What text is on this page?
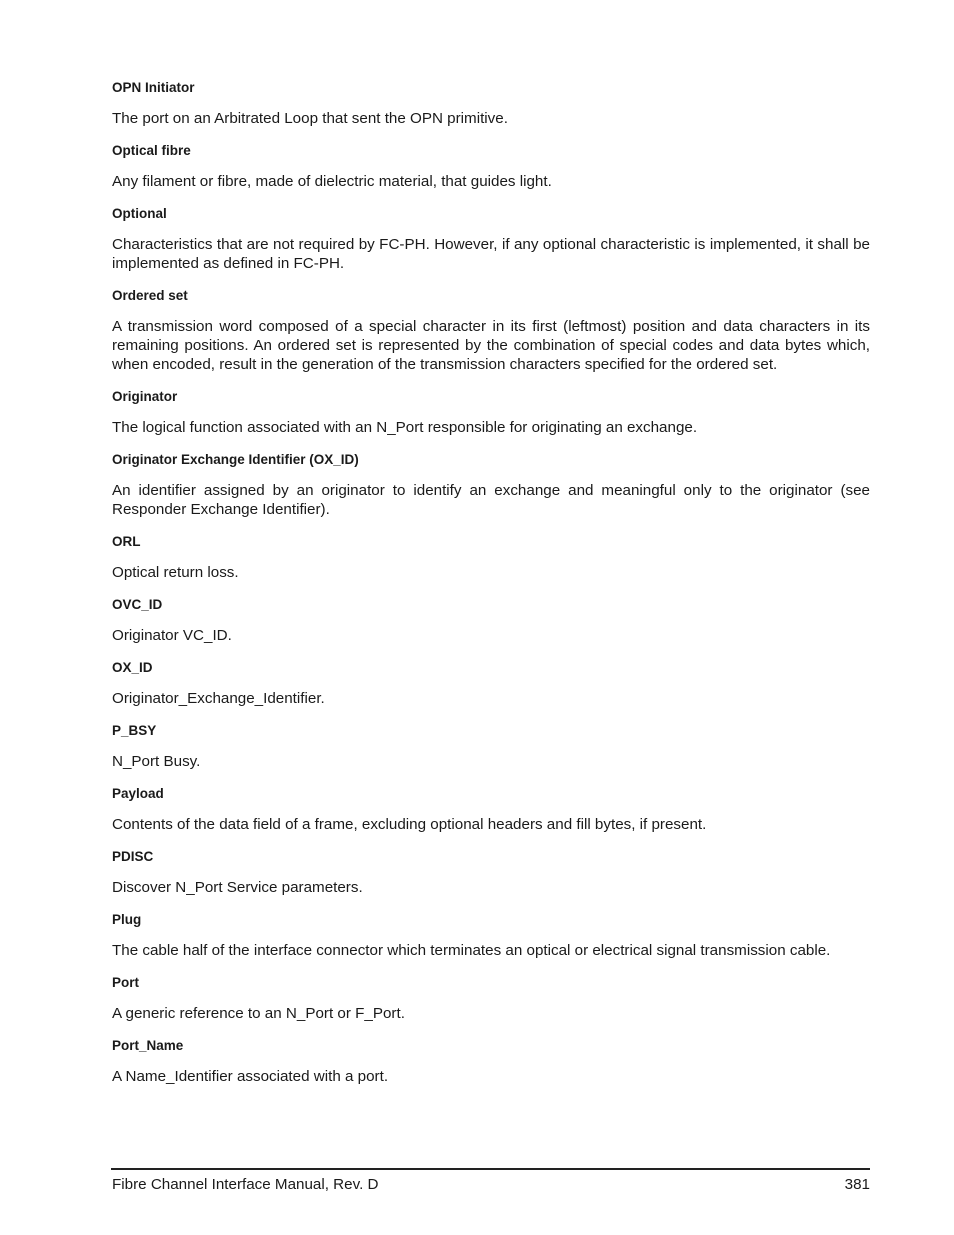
OPN Initiator

The port on an Arbitrated Loop that sent the OPN primitive.

Optical fibre

Any filament or fibre, made of dielectric material, that guides light.

Optional

Characteristics that are not required by FC-PH. However, if any optional characteristic is implemented, it shall be implemented as defined in FC-PH.

Ordered set

A transmission word composed of a special character in its first (leftmost) position and data characters in its remaining positions. An ordered set is represented by the combination of special codes and data bytes which, when encoded, result in the generation of the transmission characters specified for the ordered set.

Originator

The logical function associated with an N_Port responsible for originating an exchange.

Originator Exchange Identifier (OX_ID)

An identifier assigned by an originator to identify an exchange and meaningful only to the originator (see Responder Exchange Identifier).

ORL

Optical return loss.

OVC_ID

Originator VC_ID.

OX_ID

Originator_Exchange_Identifier.

P_BSY

N_Port Busy.

Payload

Contents of the data field of a frame, excluding optional headers and fill bytes, if present.

PDISC

Discover N_Port Service parameters.

Plug

The cable half of the interface connector which terminates an optical or electrical signal transmission cable.

Port

A generic reference to an N_Port or F_Port.

Port_Name

A Name_Identifier associated with a port.

Fibre Channel Interface Manual, Rev. D	381
